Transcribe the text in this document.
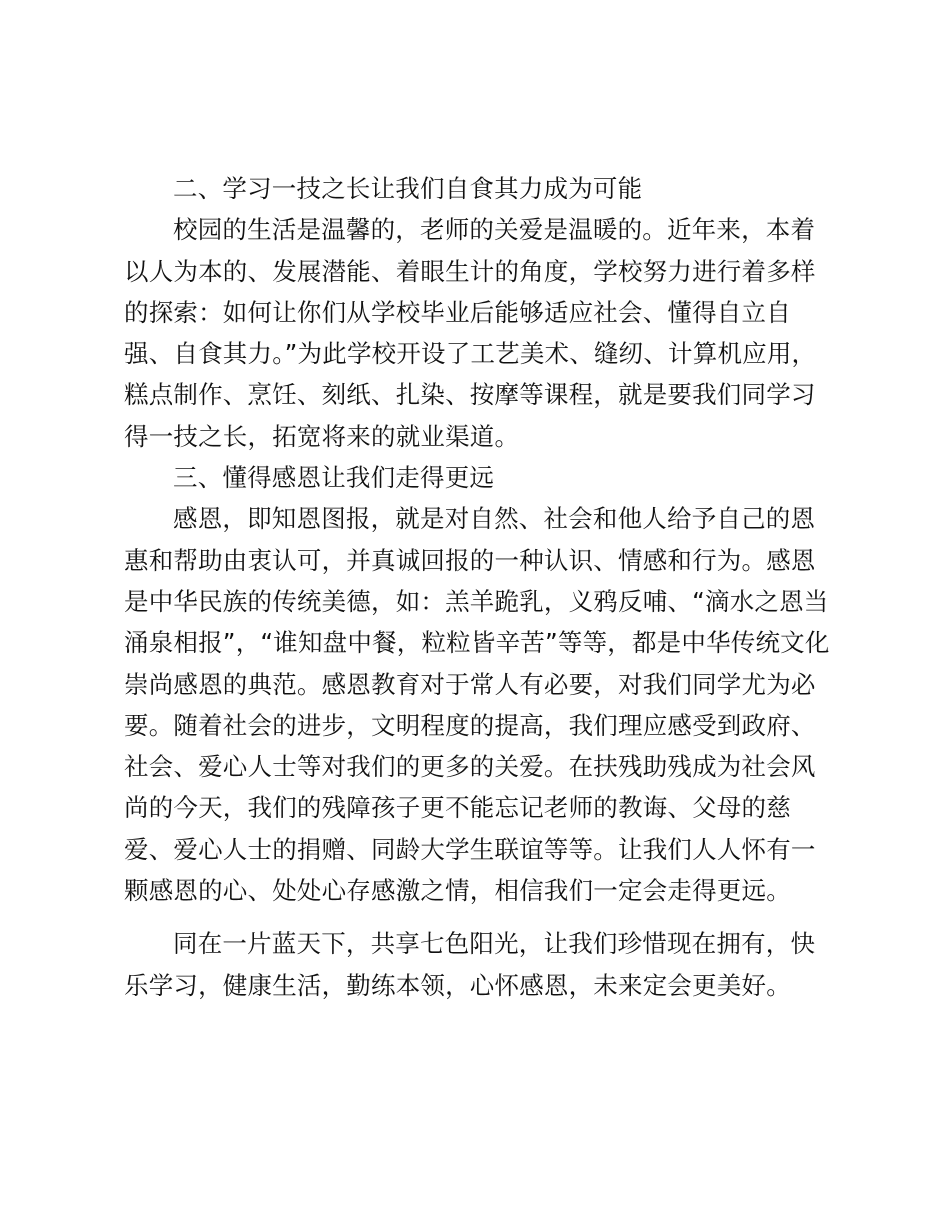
二、学习一技之长让我们自食其力成为可能
校园的生活是温馨的，老师的关爱是温暖的。近年来，本着
以人为本的、发展潜能、着眼生计的角度，学校努力进行着多样
的探索：如何让你们从学校毕业后能够适应社会、懂得自立自
强、自食其力。”为此学校开设了工艺美术、缝纫、计算机应用，
糕点制作、烹饪、刻纸、扎染、按摩等课程，就是要我们同学习
得一技之长，拓宽将来的就业渠道。
三、懂得感恩让我们走得更远
感恩，即知恩图报，就是对自然、社会和他人给予自己的恩
惠和帮助由衷认可，并真诚回报的一种认识、情感和行为。感恩
是中华民族的传统美德，如：羔羊跪乳，义鸦反哺、“滴水之恩当
涌泉相报”，“谁知盘中餐，粒粒皆辛苦”等等，都是中华传统文化
崇尚感恩的典范。感恩教育对于常人有必要，对我们同学尤为必
要。随着社会的进步，文明程度的提高，我们理应感受到政府、
社会、爱心人士等对我们的更多的关爱。在扶残助残成为社会风
尚的今天，我们的残障孩子更不能忘记老师的教诲、父母的慈
爱、爱心人士的捐赠、同龄大学生联谊等等。让我们人人怀有一
颗感恩的心、处处心存感激之情，相信我们一定会走得更远。
同在一片蓝天下，共享七色阳光，让我们珍惜现在拥有，快
乐学习，健康生活，勤练本领，心怀感恩，未来定会更美好。
